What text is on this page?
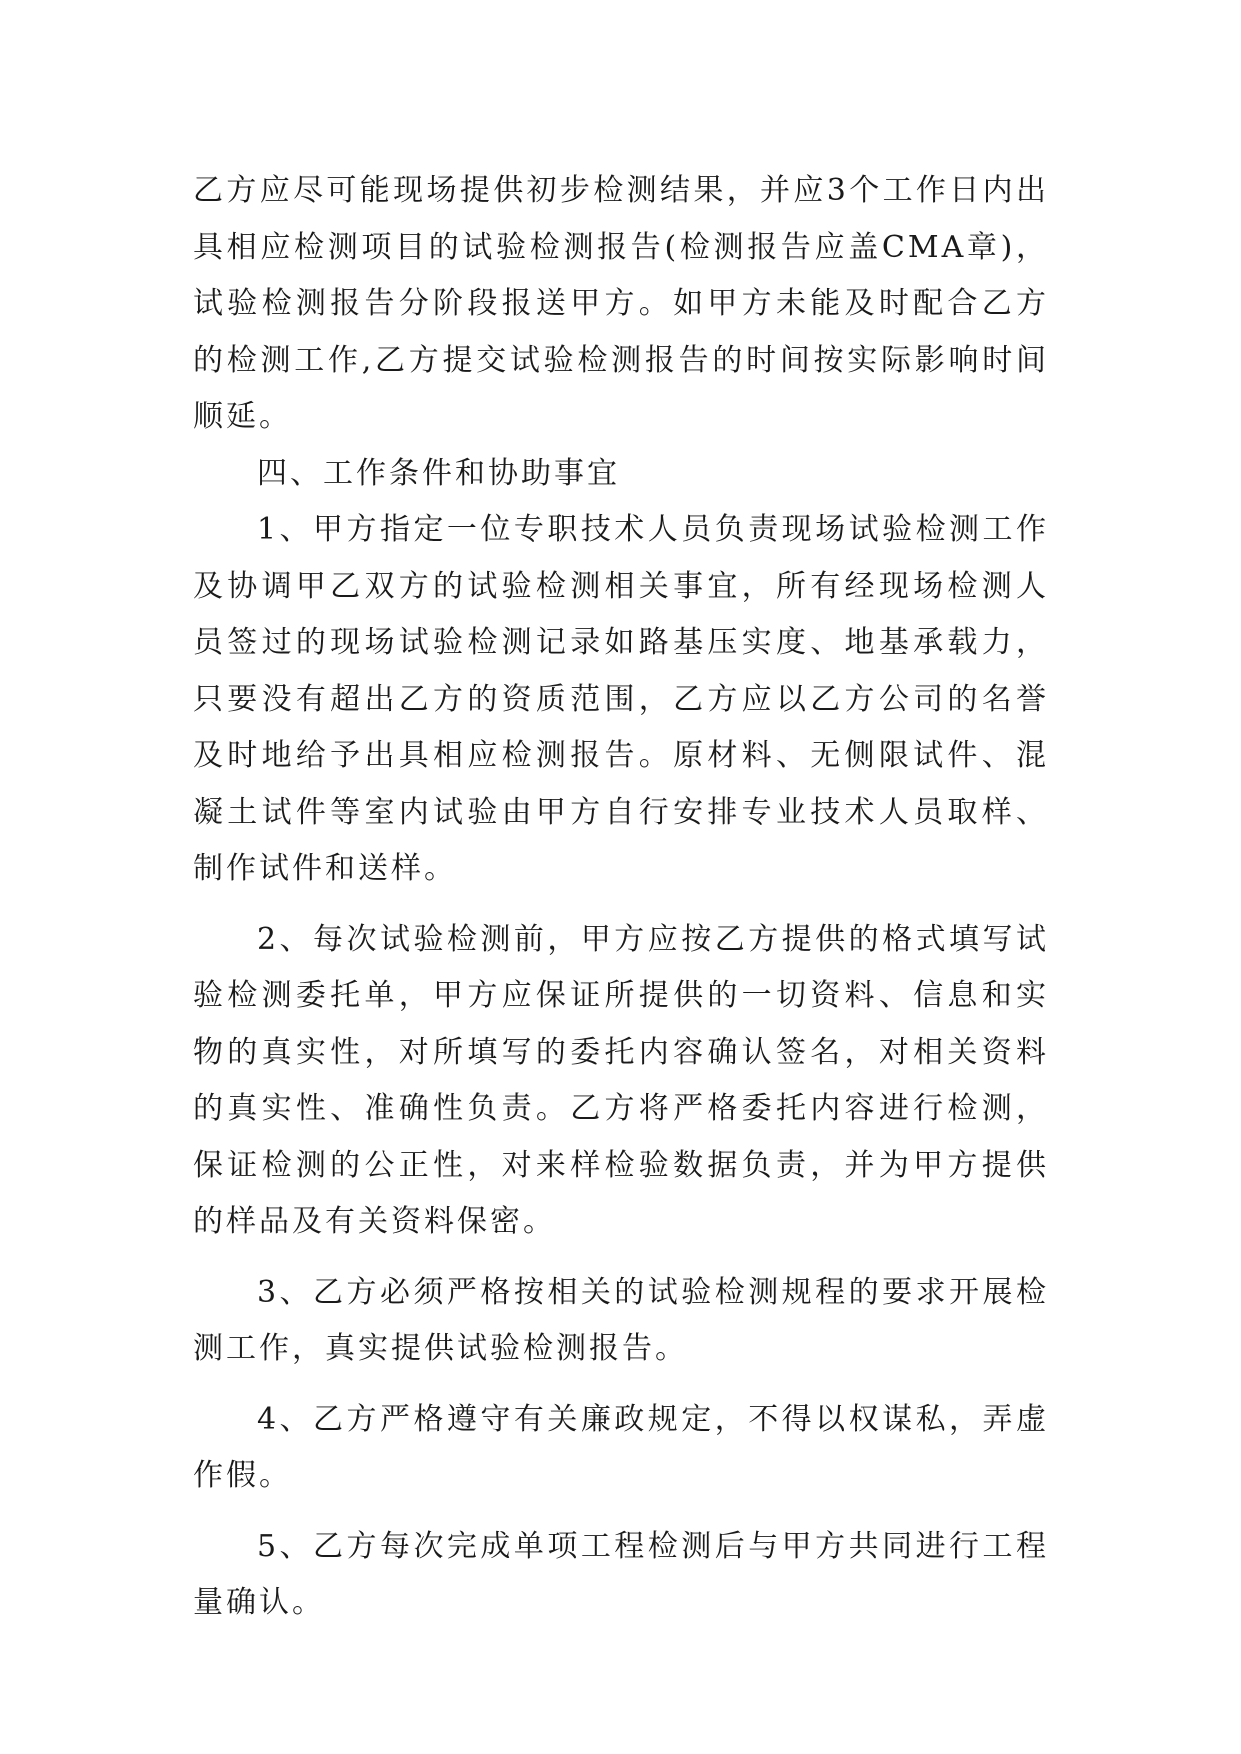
乙方应尽可能现场提供初步检测结果，并应3个工作日内出具相应检测项目的试验检测报告(检测报告应盖CMA章)，试验检测报告分阶段报送甲方。如甲方未能及时配合乙方的检测工作,乙方提交试验检测报告的时间按实际影响时间顺延。

四、工作条件和协助事宜

1、甲方指定一位专职技术人员负责现场试验检测工作及协调甲乙双方的试验检测相关事宜，所有经现场检测人员签过的现场试验检测记录如路基压实度、地基承载力，只要没有超出乙方的资质范围，乙方应以乙方公司的名誉及时地给予出具相应检测报告。原材料、无侧限试件、混凝土试件等室内试验由甲方自行安排专业技术人员取样、制作试件和送样。

2、每次试验检测前，甲方应按乙方提供的格式填写试验检测委托单，甲方应保证所提供的一切资料、信息和实物的真实性，对所填写的委托内容确认签名，对相关资料的真实性、准确性负责。乙方将严格委托内容进行检测，保证检测的公正性，对来样检验数据负责，并为甲方提供的样品及有关资料保密。

3、乙方必须严格按相关的试验检测规程的要求开展检测工作，真实提供试验检测报告。

4、乙方严格遵守有关廉政规定，不得以权谋私，弄虚作假。

5、乙方每次完成单项工程检测后与甲方共同进行工程量确认。
